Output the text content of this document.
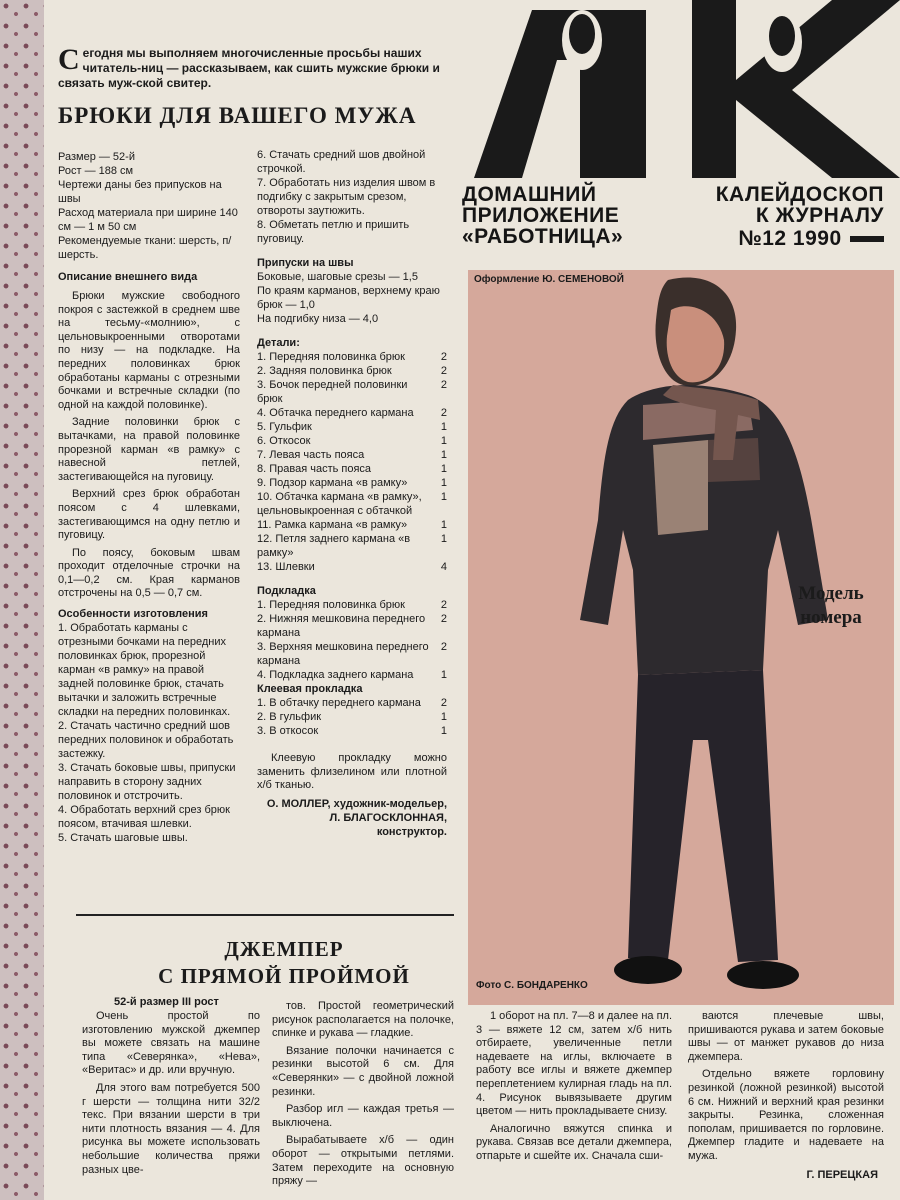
Сегодня мы выполняем многочисленные просьбы наших читатель-ниц — рассказываем, как сшить мужские брюки и связать муж-ской свитер.
БРЮКИ ДЛЯ ВАШЕГО МУЖА
Размер — 52-й
Рост — 188 см
Чертежи даны без припусков на швы
Расход материала при ширине 140 см — 1 м 50 см
Рекомендуемые ткани: шерсть, п/шерсть.
Описание внешнего вида

Брюки мужские свободного покроя с застежкой в среднем шве на тесьму-«молнию», с цельновыкроенными отворотами по низу — на подкладке. На передних половинках брюк обработаны карманы с отрезными бочками и встречные складки (по одной на каждой половинке).

Задние половинки брюк с вытачками, на правой половинке прорезной карман «в рамку» с навесной петлей, застегивающейся на пуговицу.

Верхний срез брюк обработан поясом с 4 шлевками, застегивающимся на одну петлю и пуговицу.

По поясу, боковым швам проходит отделочные строчки на 0,1—0,2 см. Края карманов отстрочены на 0,5 — 0,7 см.

Особенности изготовления
1. Обработать карманы с отрезными бочками на передних половинках брюк, прорезной карман «в рамку» на правой задней половинке брюк, стачать вытачки и заложить встречные складки на передних половинках.
2. Стачать частично средний шов передних половинок и обработать застежку.
3. Стачать боковые швы, припуски направить в сторону задних половинок и отстрочить.
4. Обработать верхний срез брюк поясом, втачивая шлевки.
5. Стачать шаговые швы.
6. Стачать средний шов двойной строчкой.
7. Обработать низ изделия швом в подгибку с закрытым срезом, отвороты заутюжить.
8. Обметать петлю и пришить пуговицу.
Припуски на швы
Боковые, шаговые срезы — 1,5
По краям карманов, верхнему краю брюк — 1,0
На подгибку низа — 4,0
Детали:
1. Передняя половинка брюк	2
2. Задняя половинка брюк	2
3. Бочок передней половинки брюк
2
4. Обтачка переднего кармана	2
5. Гульфик	1
6. Откосок	1
7. Левая часть пояса	1
8. Правая часть пояса	1
9. Подзор кармана «в рамку»	1
10. Обтачка кармана «в рамку», цельновыкроенная с обтачкой
1
11. Рамка кармана «в рамку»	1
12. Петля заднего кармана «в рамку»
1
13. Шлевки	4
Подкладка
1. Передняя половинка брюк	2
2. Нижняя мешковина переднего кармана
2
3. Верхняя мешковина переднего кармана
2
4. Подкладка заднего кармана	1
Клеевая прокладка
1. В обтачку переднего кармана	2
2. В гульфик	1
3. В откосок	1

Клеевую прокладку можно заменить флизелином или плотной х/б тканью.

О. МОЛЛЕР, художник-модельер,
Л. БЛАГОСКЛОННАЯ,
конструктор.
ДОМАШНИЙ
ПРИЛОЖЕНИЕ
«РАБОТНИЦА»
КАЛЕЙДОСКОП
К ЖУРНАЛУ
№12 1990
Оформление Ю. СЕМЕНОВОЙ
Модель
номера
Фото С. БОНДАРЕНКО
ДЖЕМПЕР
С ПРЯМОЙ ПРОЙМОЙ
52-й размер III рост

Очень простой по изготовлению мужской джемпер вы можете связать на машине типа «Северянка», «Нева», «Веритас» и др. или вручную.

Для этого вам потребуется 500 г шерсти — толщина нити 32/2 текс. При вязании шерсти в три нити плотность вязания — 4. Для рисунка вы можете использовать небольшие количества пряжи разных цве-

тов. Простой геометрический рисунок располагается на полочке, спинке и рукава — гладкие.

Вязание полочки начинается с резинки высотой 6 см. Для «Северянки» — с двойной ложной резинки.

Разбор игл — каждая третья — выключена.

Вырабатываете х/б — один оборот — открытыми петлями. Затем переходите на основную пряжу —

1 оборот на пл. 7—8 и далее на пл. 3 — вяжете 12 см, затем х/б нить отбираете, увеличенные петли надеваете на иглы, включаете в работу все иглы и вяжете джемпер переплетением кулирная гладь на пл. 4. Рисунок вывязываете другим цветом — нить прокладываете снизу.

Аналогично вяжутся спинка и рукава. Связав все детали джемпера, отпарьте и сшейте их. Сначала сши-

ваются плечевые швы, пришиваются рукава и затем боковые швы — от манжет рукавов до низа джемпера.

Отдельно вяжете горловину резинкой (ложной резинкой) высотой 6 см. Нижний и верхний края резинки закрыты. Резинка, сложенная пополам, пришивается по горловине. Джемпер гладите и надеваете на мужа.

Г. ПЕРЕЦКАЯ
